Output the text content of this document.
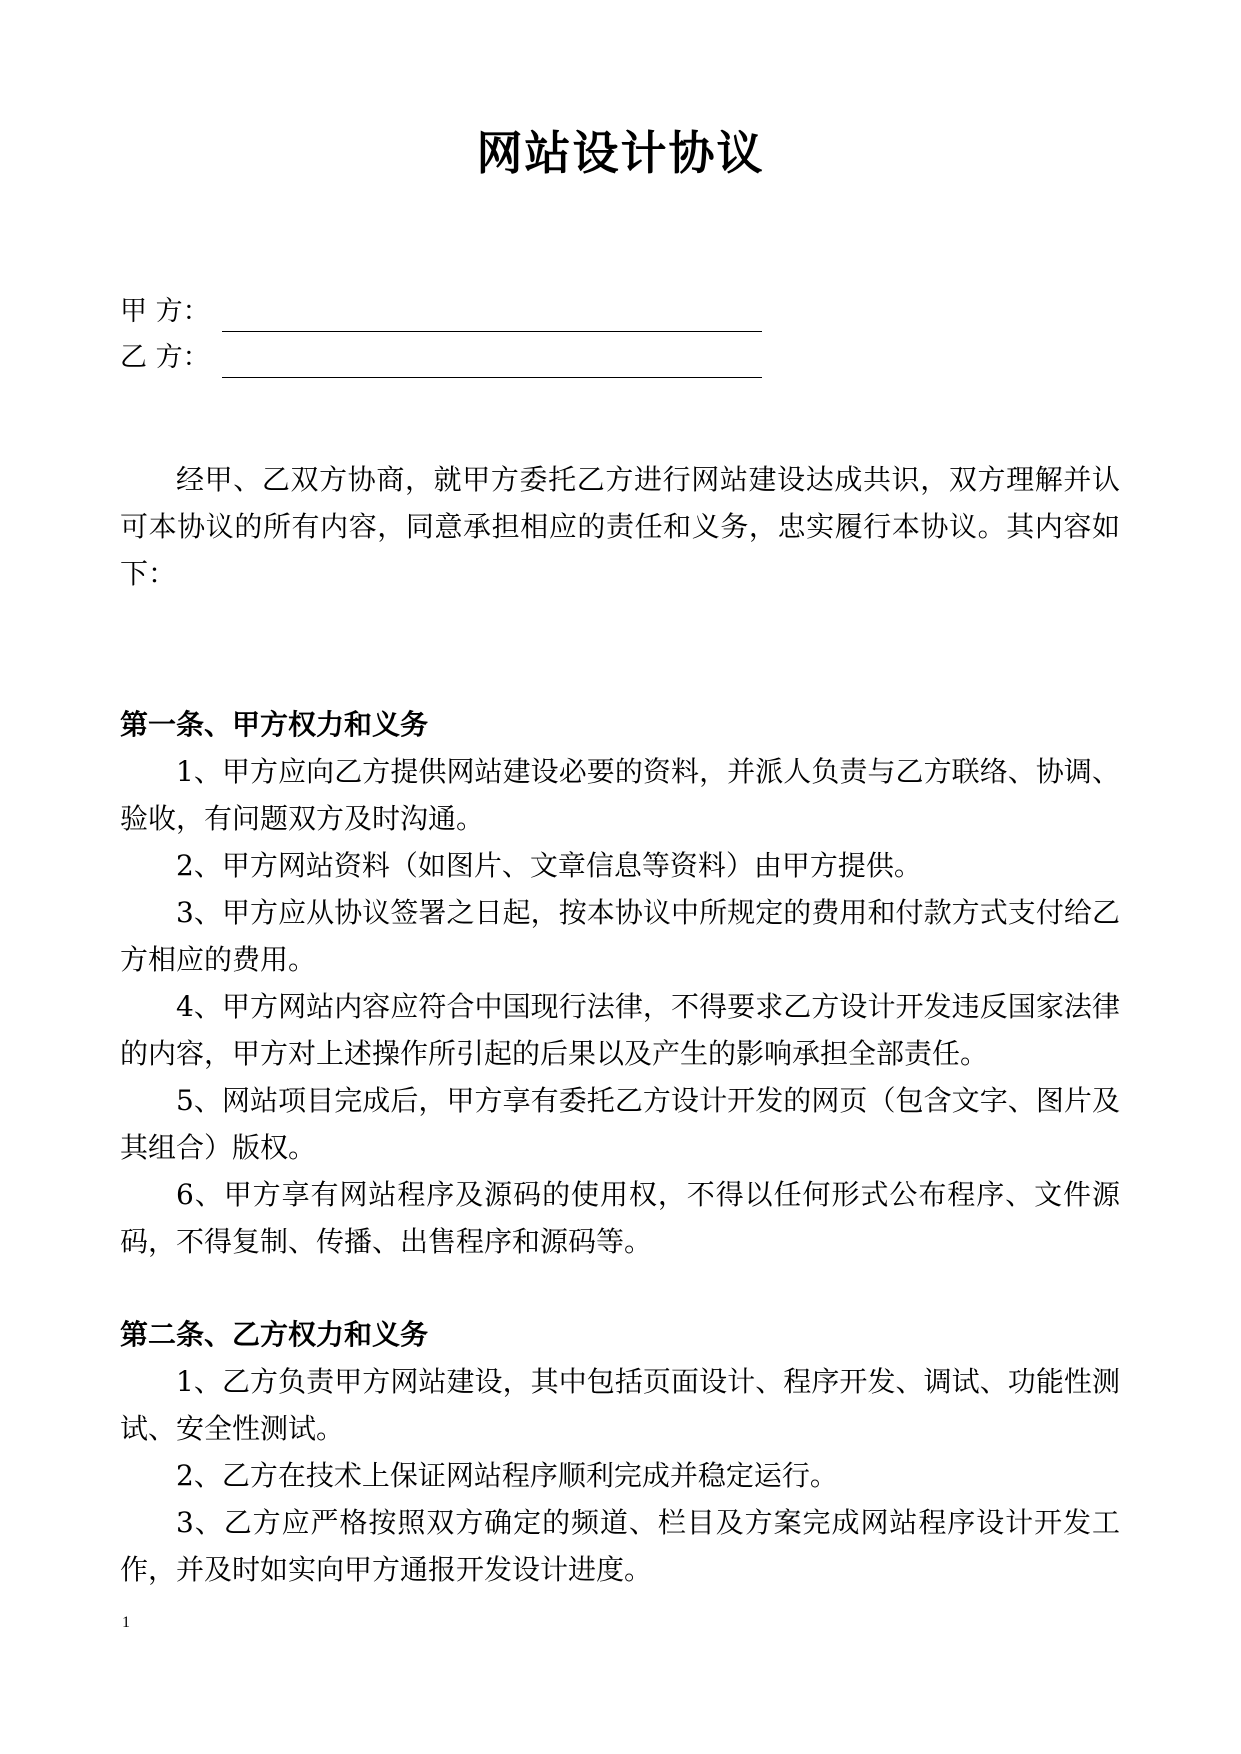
网站设计协议
甲 方：
乙 方：

经甲、乙双方协商，就甲方委托乙方进行网站建设达成共识，双方理解并认可本协议的所有内容，同意承担相应的责任和义务，忠实履行本协议。其内容如下：

第一条、甲方权力和义务

1、甲方应向乙方提供网站建设必要的资料，并派人负责与乙方联络、协调、验收，有问题双方及时沟通。

2、甲方网站资料（如图片、文章信息等资料）由甲方提供。

3、甲方应从协议签署之日起，按本协议中所规定的费用和付款方式支付给乙方相应的费用。

4、甲方网站内容应符合中国现行法律，不得要求乙方设计开发违反国家法律的内容，甲方对上述操作所引起的后果以及产生的影响承担全部责任。

5、网站项目完成后，甲方享有委托乙方设计开发的网页（包含文字、图片及其组合）版权。

6、甲方享有网站程序及源码的使用权，不得以任何形式公布程序、文件源码，不得复制、传播、出售程序和源码等。

第二条、乙方权力和义务

1、乙方负责甲方网站建设，其中包括页面设计、程序开发、调试、功能性测试、安全性测试。

2、乙方在技术上保证网站程序顺利完成并稳定运行。

3、乙方应严格按照双方确定的频道、栏目及方案完成网站程序设计开发工作，并及时如实向甲方通报开发设计进度。

1
